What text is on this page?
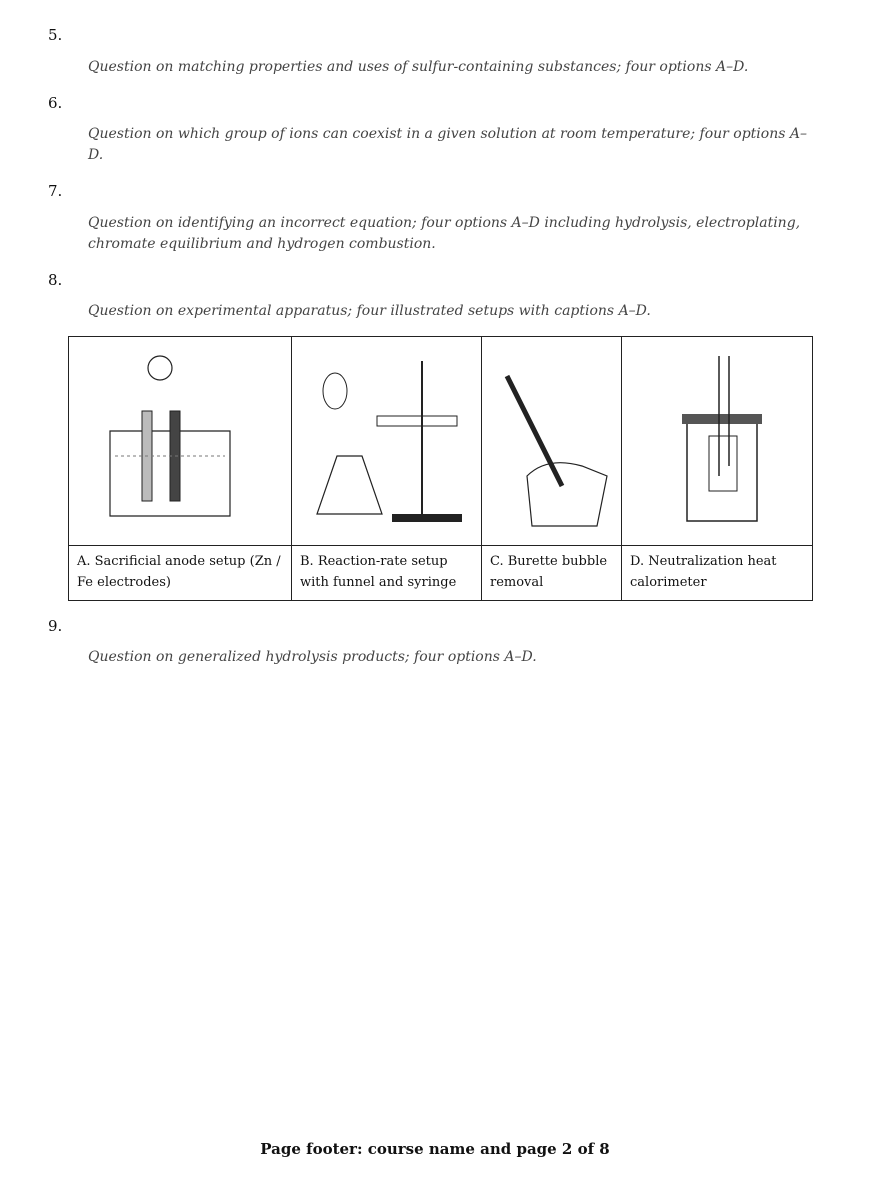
5.
Question on matching properties and uses of sulfur-containing substances; four options A–D.
6.
Question on which group of ions can coexist in a given solution at room temperature; four options A–D.
7.
Question on identifying an incorrect equation; four options A–D including hydrolysis, electroplating, chromate equilibrium and hydrogen combustion.
8.
Question on experimental apparatus; four illustrated setups with captions A–D.
A. Sacrificial anode setup (Zn / Fe electrodes)
B. Reaction-rate setup with funnel and syringe
C. Burette bubble removal
D. Neutralization heat calorimeter
9.
Question on generalized hydrolysis products; four options A–D.
Page footer: course name and page 2 of 8
